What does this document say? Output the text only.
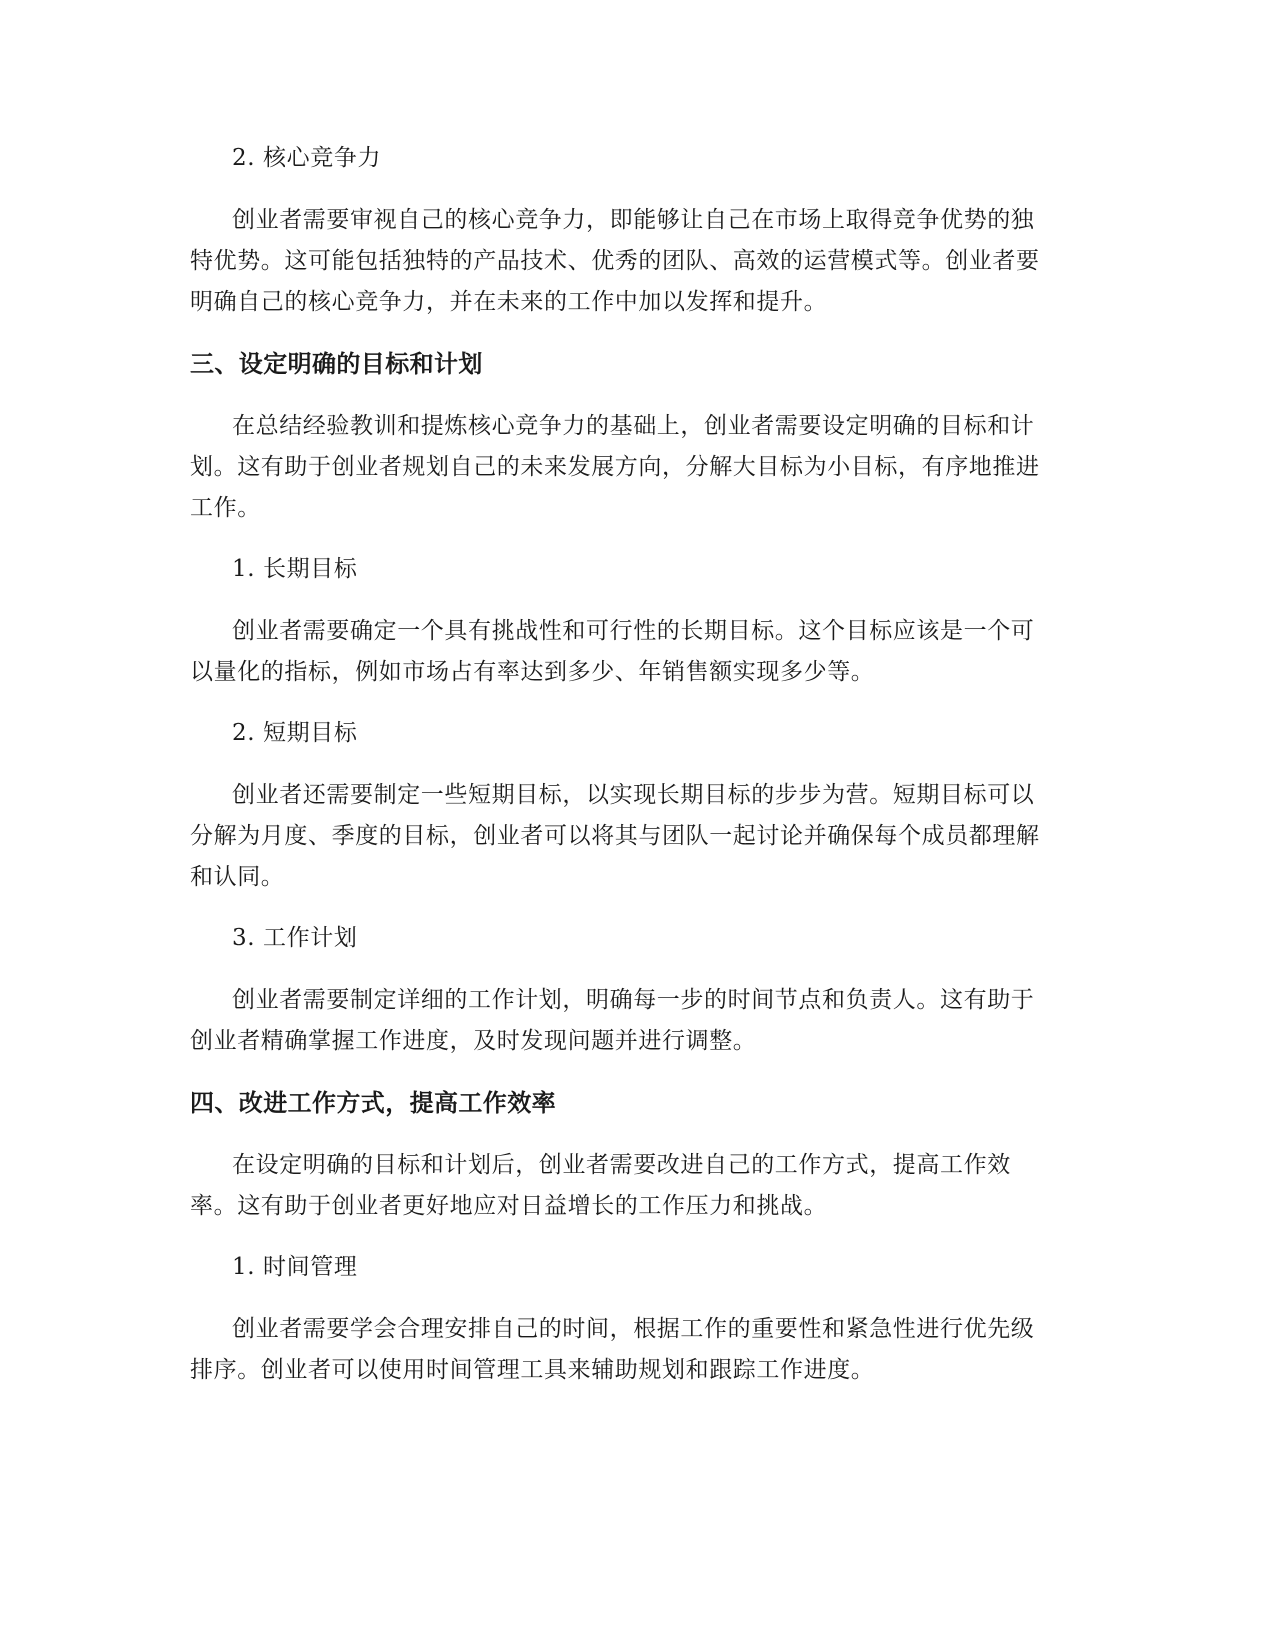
2. 核心竞争力
创业者需要审视自己的核心竞争力，即能够让自己在市场上取得竞争优势的独
特优势。这可能包括独特的产品技术、优秀的团队、高效的运营模式等。创业者要
明确自己的核心竞争力，并在未来的工作中加以发挥和提升。
三、设定明确的目标和计划
在总结经验教训和提炼核心竞争力的基础上，创业者需要设定明确的目标和计
划。这有助于创业者规划自己的未来发展方向，分解大目标为小目标，有序地推进
工作。
1. 长期目标
创业者需要确定一个具有挑战性和可行性的长期目标。这个目标应该是一个可
以量化的指标，例如市场占有率达到多少、年销售额实现多少等。
2. 短期目标
创业者还需要制定一些短期目标，以实现长期目标的步步为营。短期目标可以
分解为月度、季度的目标，创业者可以将其与团队一起讨论并确保每个成员都理解
和认同。
3. 工作计划
创业者需要制定详细的工作计划，明确每一步的时间节点和负责人。这有助于
创业者精确掌握工作进度，及时发现问题并进行调整。
四、改进工作方式，提高工作效率
在设定明确的目标和计划后，创业者需要改进自己的工作方式，提高工作效
率。这有助于创业者更好地应对日益增长的工作压力和挑战。
1. 时间管理
创业者需要学会合理安排自己的时间，根据工作的重要性和紧急性进行优先级
排序。创业者可以使用时间管理工具来辅助规划和跟踪工作进度。
